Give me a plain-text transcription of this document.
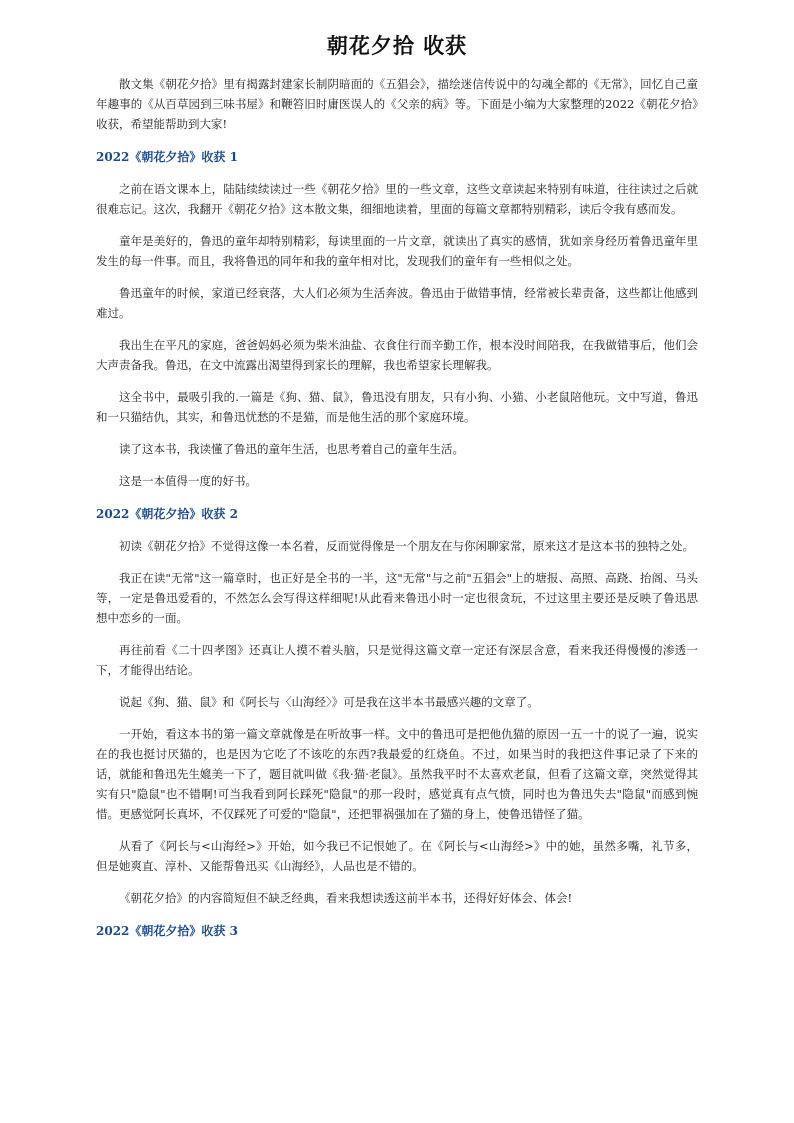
朝花夕拾 收获

散文集《朝花夕拾》里有揭露封建家长制阴暗面的《五猖会》，描绘迷信传说中的勾魂全都的《无常》，回忆自己童年趣事的《从百草园到三味书屋》和鞭笞旧时庸医误人的《父亲的病》等。下面是小编为大家整理的2022《朝花夕拾》收获，希望能帮助到大家!

2022《朝花夕拾》收获 1

之前在语文课本上，陆陆续续读过一些《朝花夕拾》里的一些文章，这些文章读起来特别有味道，往往读过之后就很难忘记。这次，我翻开《朝花夕拾》这本散文集，细细地读着，里面的每篇文章都特别精彩，读后令我有感而发。

童年是美好的，鲁迅的童年却特别精彩，每读里面的一片文章，就读出了真实的感情，犹如亲身经历着鲁迅童年里发生的每一件事。而且，我将鲁迅的同年和我的童年相对比，发现我们的童年有一些相似之处。

鲁迅童年的时候，家道已经衰落，大人们必须为生活奔波。鲁迅由于做错事情，经常被长辈责备，这些都让他感到难过。

我出生在平凡的家庭，爸爸妈妈必须为柴米油盐、衣食住行而辛勤工作，根本没时间陪我，在我做错事后，他们会大声责备我。鲁迅，在文中流露出渴望得到家长的理解，我也希望家长理解我。

这全书中，最吸引我的.一篇是《狗、猫、鼠》，鲁迅没有朋友，只有小狗、小猫、小老鼠陪他玩。文中写道，鲁迅和一只猫结仇，其实，和鲁迅忧愁的不是猫，而是他生活的那个家庭环境。

读了这本书，我读懂了鲁迅的童年生活，也思考着自己的童年生活。

这是一本值得一度的好书。

2022《朝花夕拾》收获 2

初读《朝花夕拾》不觉得这像一本名着，反而觉得像是一个朋友在与你闲聊家常，原来这才是这本书的独特之处。

我正在读"无常"这一篇章时，也正好是全书的一半，这"无常"与之前"五猖会"上的塘报、高照、高跷、抬阁、马头等，一定是鲁迅爱看的，不然怎么会写得这样细呢!从此看来鲁迅小时一定也很贪玩，不过这里主要还是反映了鲁迅思想中恋乡的一面。

再往前看《二十四孝图》还真让人摸不着头脑，只是觉得这篇文章一定还有深层含意，看来我还得慢慢的渗透一下，才能得出结论。

说起《狗、猫、鼠》和《阿长与〈山海经〉》可是我在这半本书最感兴趣的文章了。

一开始，看这本书的第一篇文章就像是在听故事一样。文中的鲁迅可是把他仇猫的原因一五一十的说了一遍，说实在的我也挺讨厌猫的，也是因为它吃了不该吃的东西?我最爱的红烧鱼。不过，如果当时的我把这件事记录了下来的话，就能和鲁迅先生媲美一下了，题目就叫做《我·猫·老鼠》。虽然我平时不太喜欢老鼠，但看了这篇文章，突然觉得其实有只"隐鼠"也不错啊!可当我看到阿长踩死"隐鼠"的那一段时，感觉真有点气愤，同时也为鲁迅失去"隐鼠"而感到惋惜。更感觉阿长真坏，不仅踩死了可爱的"隐鼠"，还把罪祸强加在了猫的身上，使鲁迅错怪了猫。

从看了《阿长与<山海经>》开始，如今我已不记恨她了。在《阿长与<山海经>》中的她，虽然多嘴，礼节多，但是她爽直、淳朴、又能帮鲁迅买《山海经》，人品也是不错的。

《朝花夕拾》的内容简短但不缺乏经典，看来我想读透这前半本书，还得好好体会、体会!

2022《朝花夕拾》收获 3
